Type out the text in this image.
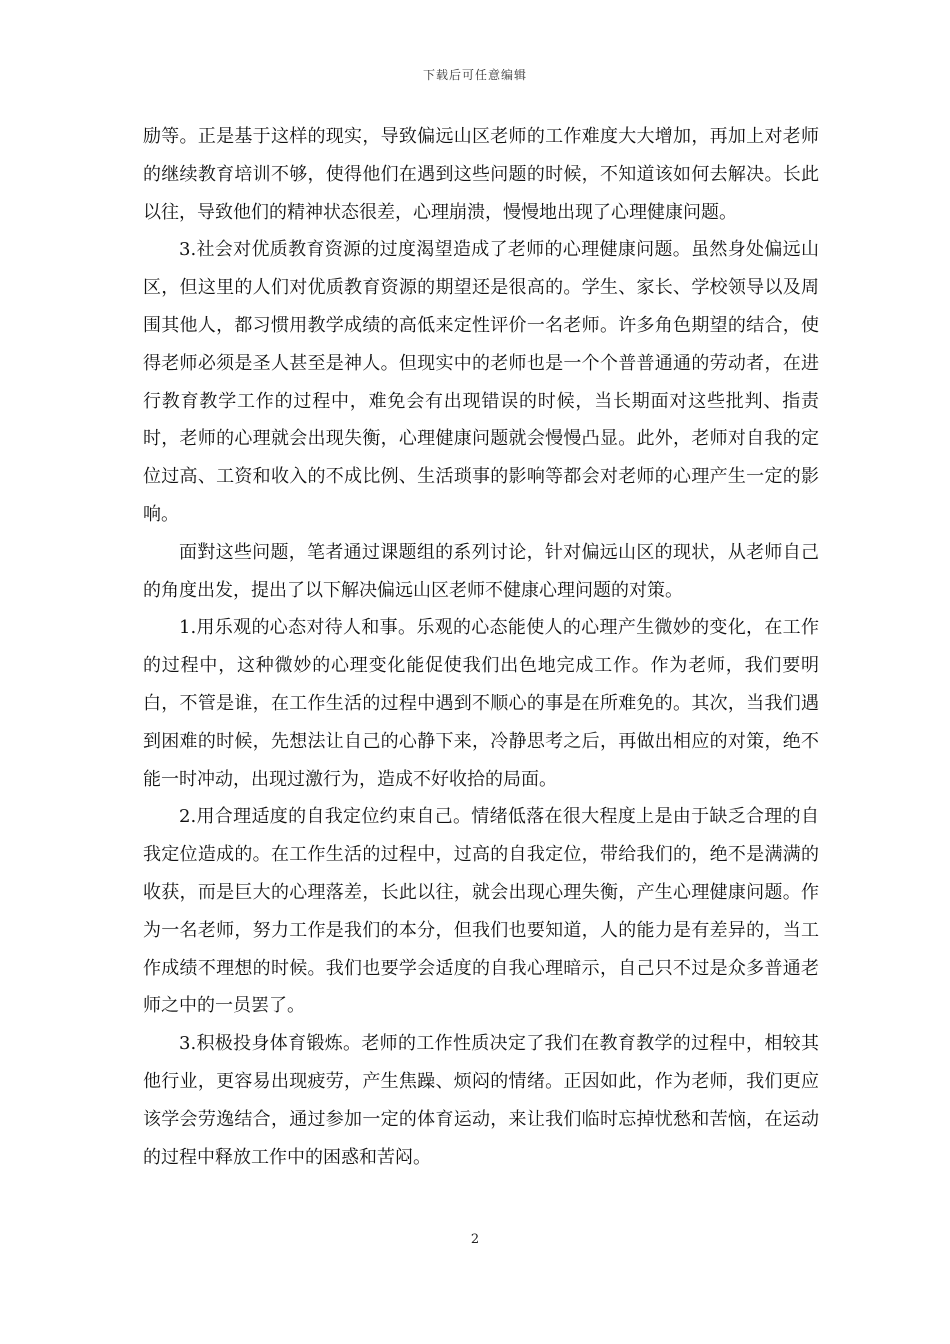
下载后可任意编辑

励等。正是基于这样的现实，导致偏远山区老师的工作难度大大增加，再加上对老师的继续教育培训不够，使得他们在遇到这些问题的时候，不知道该如何去解决。长此以往，导致他们的精神状态很差，心理崩溃，慢慢地出现了心理健康问题。

3.社会对优质教育资源的过度渴望造成了老师的心理健康问题。虽然身处偏远山区，但这里的人们对优质教育资源的期望还是很高的。学生、家长、学校领导以及周围其他人，都习惯用教学成绩的高低来定性评价一名老师。许多角色期望的结合，使得老师必须是圣人甚至是神人。但现实中的老师也是一个个普普通通的劳动者，在进行教育教学工作的过程中，难免会有出现错误的时候，当长期面对这些批判、指责时，老师的心理就会出现失衡，心理健康问题就会慢慢凸显。此外，老师对自我的定位过高、工资和收入的不成比例、生活琐事的影响等都会对老师的心理产生一定的影响。

面對这些问题，笔者通过课题组的系列讨论，针对偏远山区的现状，从老师自己的角度出发，提出了以下解决偏远山区老师不健康心理问题的对策。

1.用乐观的心态对待人和事。乐观的心态能使人的心理产生微妙的变化，在工作的过程中，这种微妙的心理变化能促使我们出色地完成工作。作为老师，我们要明白，不管是谁，在工作生活的过程中遇到不顺心的事是在所难免的。其次，当我们遇到困难的时候，先想法让自己的心静下来，冷静思考之后，再做出相应的对策，绝不能一时冲动，出现过激行为，造成不好收拾的局面。

2.用合理适度的自我定位约束自己。情绪低落在很大程度上是由于缺乏合理的自我定位造成的。在工作生活的过程中，过高的自我定位，带给我们的，绝不是满满的收获，而是巨大的心理落差，长此以往，就会出现心理失衡，产生心理健康问题。作为一名老师，努力工作是我们的本分，但我们也要知道，人的能力是有差异的，当工作成绩不理想的时候。我们也要学会适度的自我心理暗示，自己只不过是众多普通老师之中的一员罢了。

3.积极投身体育锻炼。老师的工作性质决定了我们在教育教学的过程中，相较其他行业，更容易出现疲劳，产生焦躁、烦闷的情绪。正因如此，作为老师，我们更应该学会劳逸结合，通过参加一定的体育运动，来让我们临时忘掉忧愁和苦恼，在运动的过程中释放工作中的困惑和苦闷。

2
